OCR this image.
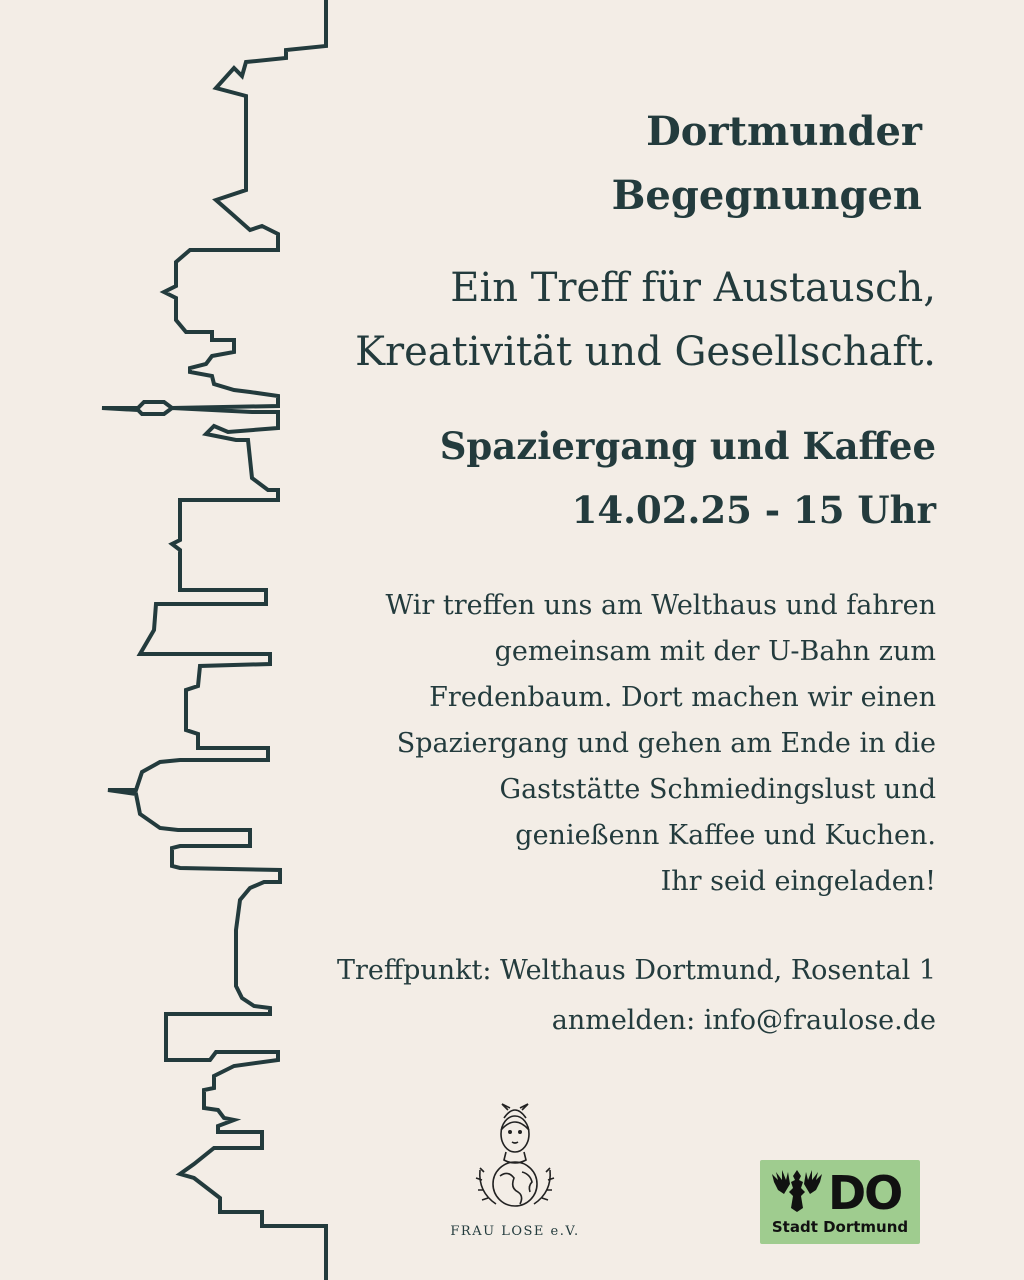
Dortmunder
Begegnungen
Ein Treff für Austausch,
Kreativität und Gesellschaft.
Spaziergang und Kaffee
14.02.25 - 15 Uhr

Wir treffen uns am Welthaus und fahren
gemeinsam mit der U-Bahn zum
Fredenbaum. Dort machen wir einen
Spaziergang und gehen am Ende in die
Gaststätte Schmiedingslust und
genießenn Kaffee und Kuchen.
Ihr seid eingeladen!

Treffpunkt: Welthaus Dortmund, Rosental 1
anmelden: info@fraulose.de

FRAU LOSE e.V.
DO
Stadt Dortmund
